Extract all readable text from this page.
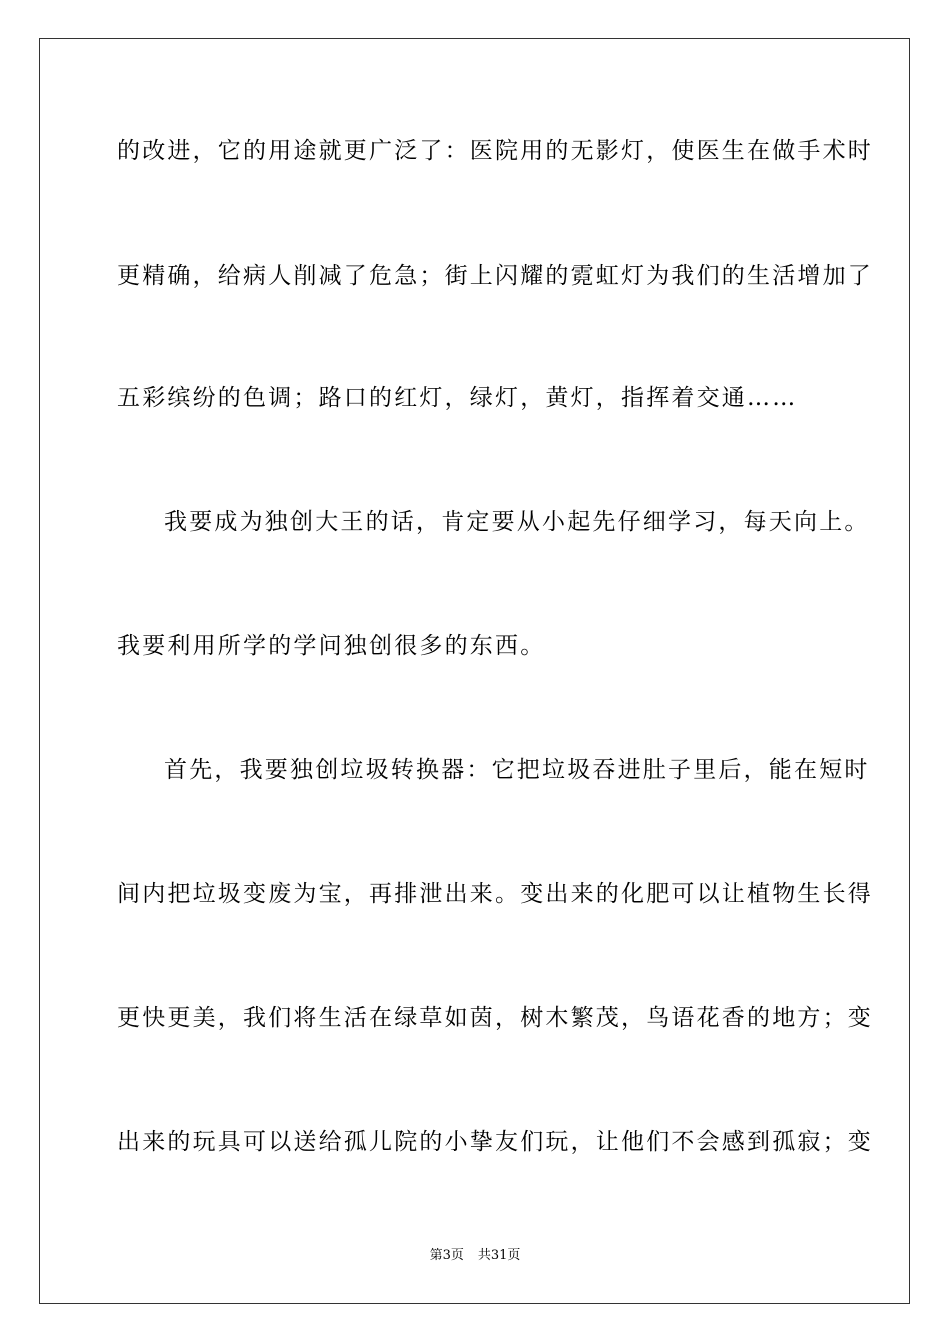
的改进，它的用途就更广泛了：医院用的无影灯，使医生在做手术时
更精确，给病人削减了危急；街上闪耀的霓虹灯为我们的生活增加了
五彩缤纷的色调；路口的红灯，绿灯，黄灯，指挥着交通……
我要成为独创大王的话，肯定要从小起先仔细学习，每天向上。
我要利用所学的学问独创很多的东西。
首先，我要独创垃圾转换器：它把垃圾吞进肚子里后，能在短时
间内把垃圾变废为宝，再排泄出来。变出来的化肥可以让植物生长得
更快更美，我们将生活在绿草如茵，树木繁茂，鸟语花香的地方；变
出来的玩具可以送给孤儿院的小挚友们玩，让他们不会感到孤寂；变
第3页 共31页
